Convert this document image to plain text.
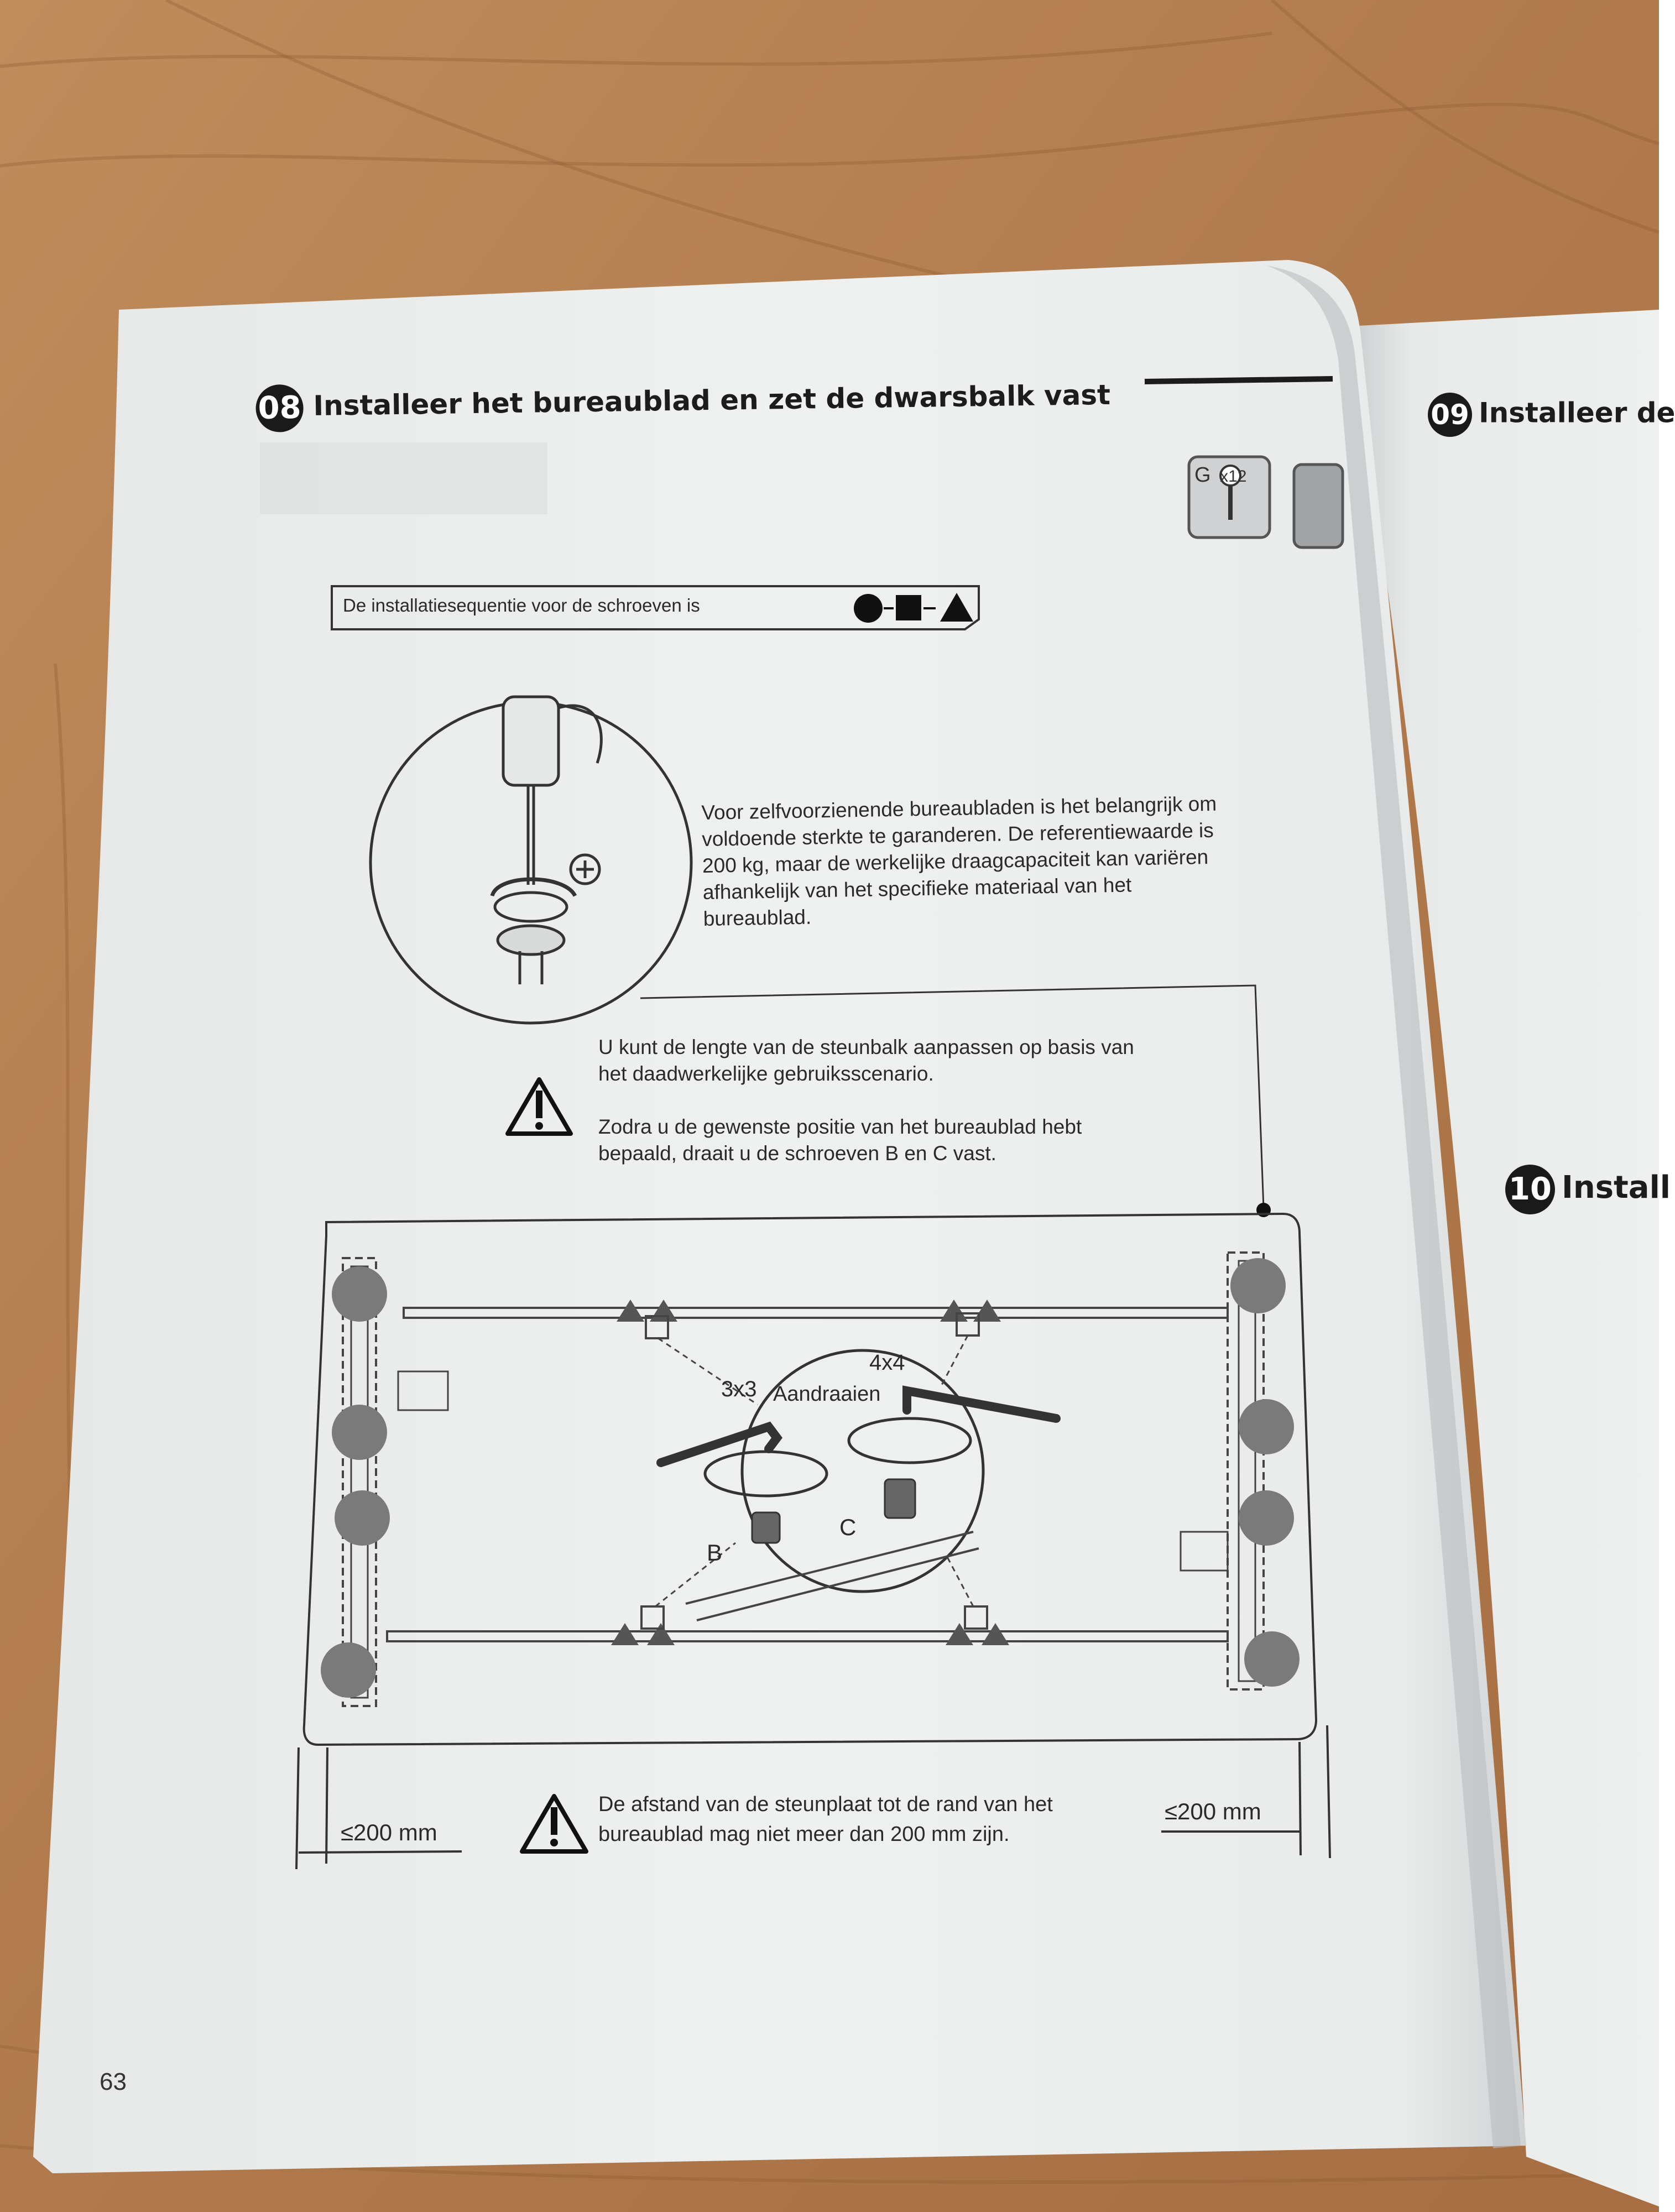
08 Installeer het bureaublad en zet de dwarsbalk vast
G x12
De installatiesequentie voor de schroeven is
Voor zelfvoorzienende bureaubladen is het belangrijk om
voldoende sterkte te garanderen. De referentiewaarde is
200 kg, maar de werkelijke draagcapaciteit kan variëren
afhankelijk van het specifieke materiaal van het
bureaublad.
U kunt de lengte van de steunbalk aanpassen op basis van
het daadwerkelijke gebruiksscenario.
Zodra u de gewenste positie van het bureaublad hebt
bepaald, draait u de schroeven B en C vast.
3x3 Aandraaien
4x4
B
C
≤200 mm
≤200 mm
De afstand van de steunplaat tot de rand van het
bureaublad mag niet meer dan 200 mm zijn.
63
09 Installeer de
10 Install
